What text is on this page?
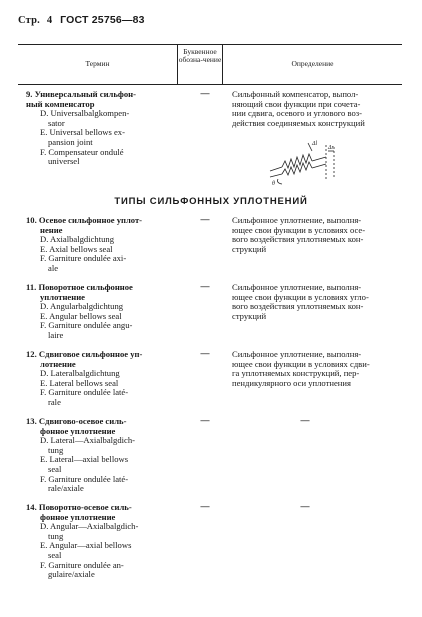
Стр. 4 ГОСТ 25756—83
Термин
Буквенное обозна-чение	Определение
9. Универсальный сильфон-
ный компенсатор
D. Universalbalgkompen-
sator
E. Universal bellows ex-
pansion joint
F. Compensateur ondulé
universel
—	Сильфонный компенсатор, выпол-
няющий свои функции при сочета-
нии сдвига, осевого и углового воз-
действия соединяемых конструкций
Δl
Δr
θ
ТИПЫ СИЛЬФОННЫХ УПЛОТНЕНИЙ
10. Осевое сильфонное уплот-
нение
D. Axialbalgdichtung
E. Axial bellows seal
F. Garniture ondulée axi-
ale
—	Сильфонное уплотнение, выполня-
ющее свои функции в условиях осе-
вого воздействия уплотняемых кон-
струкций
11. Поворотное сильфонное
уплотнение
D. Angularbalgdichtung
E. Angular bellows seal
F. Garniture ondulée angu-
laire
—	Сильфонное уплотнение, выполня-
ющее свои функции в условиях угло-
вого воздействия уплотняемых кон-
струкций
12. Сдвиговое сильфонное уп-
лотнение
D. Lateralbalgdichtung
E. Lateral bellows seal
F. Garniture ondulée laté-
rale
—	Сильфонное уплотнение, выполня-
ющее свои функции в условиях сдви-
га уплотняемых конструкций, пер-
пендикулярного оси уплотнения
13. Сдвигово-осевое силь-
фонное уплотнение
D. Lateral—Axialbalgdich-
tung
E. Lateral—axial bellows
seal
F. Garniture ondulée laté-
rale/axiale
—	—
14. Поворотно-осевое силь-
фонное уплотнение
D. Angular—Axialbalgdich-
tung
E. Angular—axial bellows
seal
F. Garniture ondulée an-
gulaire/axiale
—	—
